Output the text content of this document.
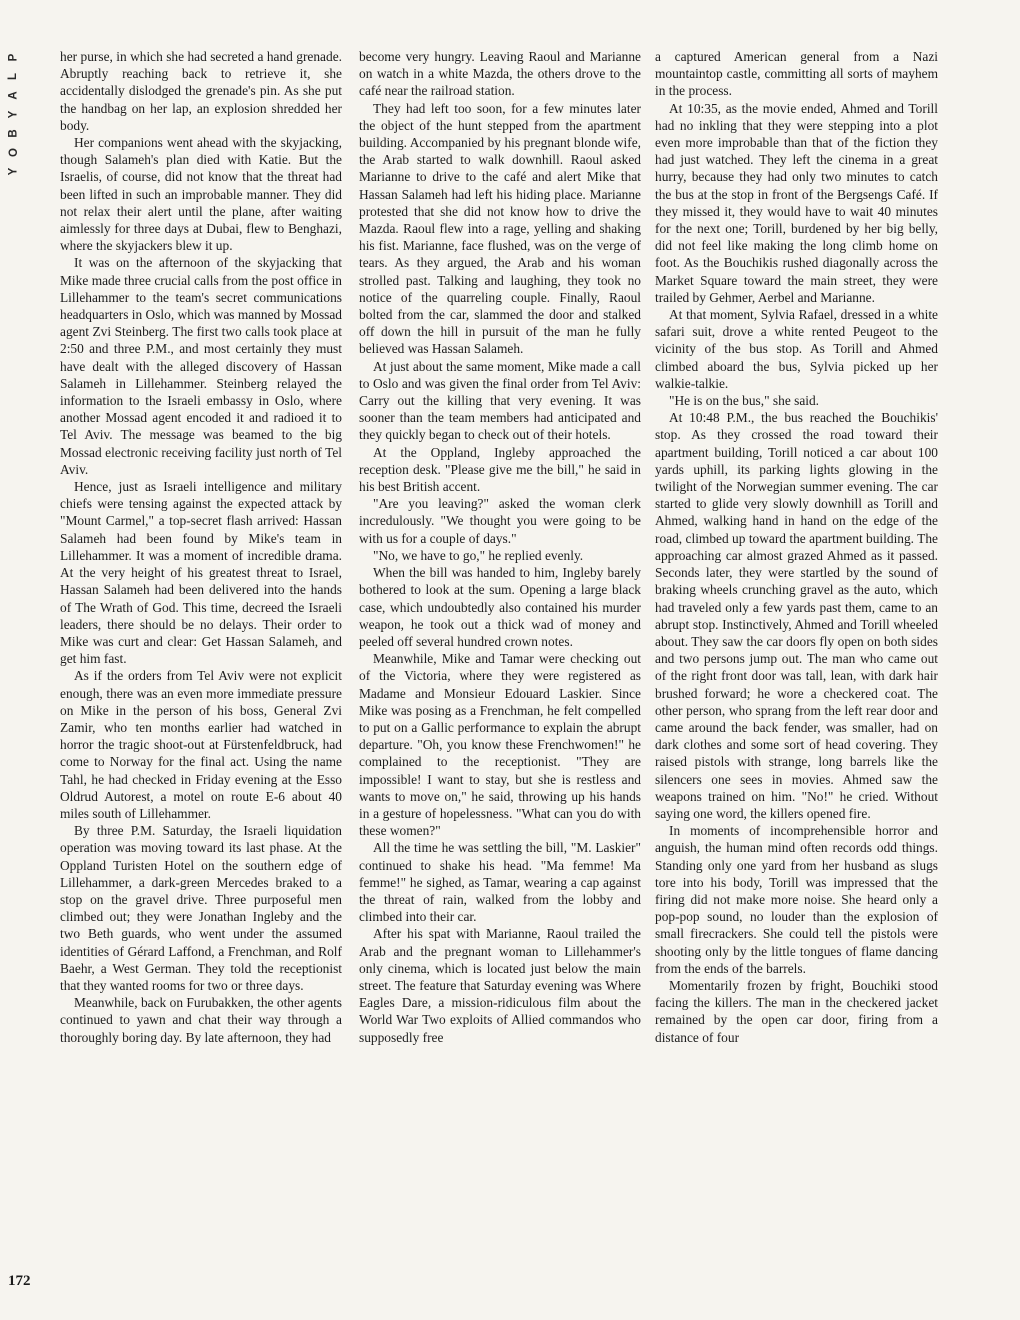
P
L
A
Y
B
O
Y

her purse, in which she had secreted a hand grenade. Abruptly reaching back to retrieve it, she accidentally dislodged the grenade's pin. As she put the handbag on her lap, an explosion shredded her body.

Her companions went ahead with the skyjacking, though Salameh's plan died with Katie. But the Israelis, of course, did not know that the threat had been lifted in such an improbable manner. They did not relax their alert until the plane, after waiting aimlessly for three days at Dubai, flew to Benghazi, where the skyjackers blew it up.

It was on the afternoon of the skyjacking that Mike made three crucial calls from the post office in Lillehammer to the team's secret communications headquarters in Oslo, which was manned by Mossad agent Zvi Steinberg. The first two calls took place at 2:50 and three P.M., and most certainly they must have dealt with the alleged discovery of Hassan Salameh in Lillehammer. Steinberg relayed the information to the Israeli embassy in Oslo, where another Mossad agent encoded it and radioed it to Tel Aviv. The message was beamed to the big Mossad electronic receiving facility just north of Tel Aviv.

Hence, just as Israeli intelligence and military chiefs were tensing against the expected attack by "Mount Carmel," a top-secret flash arrived: Hassan Salameh had been found by Mike's team in Lillehammer. It was a moment of incredible drama. At the very height of his greatest threat to Israel, Hassan Salameh had been delivered into the hands of The Wrath of God. This time, decreed the Israeli leaders, there should be no delays. Their order to Mike was curt and clear: Get Hassan Salameh, and get him fast.

As if the orders from Tel Aviv were not explicit enough, there was an even more immediate pressure on Mike in the person of his boss, General Zvi Zamir, who ten months earlier had watched in horror the tragic shoot-out at Fürstenfeldbruck, had come to Norway for the final act. Using the name Tahl, he had checked in Friday evening at the Esso Oldrud Autorest, a motel on route E-6 about 40 miles south of Lillehammer.

By three P.M. Saturday, the Israeli liquidation operation was moving toward its last phase. At the Oppland Turisten Hotel on the southern edge of Lillehammer, a dark-green Mercedes braked to a stop on the gravel drive. Three purposeful men climbed out; they were Jonathan Ingleby and the two Beth guards, who went under the assumed identities of Gérard Laffond, a Frenchman, and Rolf Baehr, a West German. They told the receptionist that they wanted rooms for two or three days.

Meanwhile, back on Furubakken, the other agents continued to yawn and chat their way through a thoroughly boring day. By late afternoon, they had

become very hungry. Leaving Raoul and Marianne on watch in a white Mazda, the others drove to the café near the railroad station.

They had left too soon, for a few minutes later the object of the hunt stepped from the apartment building. Accompanied by his pregnant blonde wife, the Arab started to walk downhill. Raoul asked Marianne to drive to the café and alert Mike that Hassan Salameh had left his hiding place. Marianne protested that she did not know how to drive the Mazda. Raoul flew into a rage, yelling and shaking his fist. Marianne, face flushed, was on the verge of tears. As they argued, the Arab and his woman strolled past. Talking and laughing, they took no notice of the quarreling couple. Finally, Raoul bolted from the car, slammed the door and stalked off down the hill in pursuit of the man he fully believed was Hassan Salameh.

At just about the same moment, Mike made a call to Oslo and was given the final order from Tel Aviv: Carry out the killing that very evening. It was sooner than the team members had anticipated and they quickly began to check out of their hotels.

At the Oppland, Ingleby approached the reception desk. "Please give me the bill," he said in his best British accent.

"Are you leaving?" asked the woman clerk incredulously. "We thought you were going to be with us for a couple of days."

"No, we have to go," he replied evenly.

When the bill was handed to him, Ingleby barely bothered to look at the sum. Opening a large black case, which undoubtedly also contained his murder weapon, he took out a thick wad of money and peeled off several hundred crown notes.

Meanwhile, Mike and Tamar were checking out of the Victoria, where they were registered as Madame and Monsieur Edouard Laskier. Since Mike was posing as a Frenchman, he felt compelled to put on a Gallic performance to explain the abrupt departure. "Oh, you know these Frenchwomen!" he complained to the receptionist. "They are impossible! I want to stay, but she is restless and wants to move on," he said, throwing up his hands in a gesture of hopelessness. "What can you do with these women?"

All the time he was settling the bill, "M. Laskier" continued to shake his head. "Ma femme! Ma femme!" he sighed, as Tamar, wearing a cap against the threat of rain, walked from the lobby and climbed into their car.

After his spat with Marianne, Raoul trailed the Arab and the pregnant woman to Lillehammer's only cinema, which is located just below the main street. The feature that Saturday evening was Where Eagles Dare, a mission-ridiculous film about the World War Two exploits of Allied commandos who supposedly free

a captured American general from a Nazi mountaintop castle, committing all sorts of mayhem in the process.

At 10:35, as the movie ended, Ahmed and Torill had no inkling that they were stepping into a plot even more improbable than that of the fiction they had just watched. They left the cinema in a great hurry, because they had only two minutes to catch the bus at the stop in front of the Bergsengs Café. If they missed it, they would have to wait 40 minutes for the next one; Torill, burdened by her big belly, did not feel like making the long climb home on foot. As the Bouchikis rushed diagonally across the Market Square toward the main street, they were trailed by Gehmer, Aerbel and Marianne.

At that moment, Sylvia Rafael, dressed in a white safari suit, drove a white rented Peugeot to the vicinity of the bus stop. As Torill and Ahmed climbed aboard the bus, Sylvia picked up her walkie-talkie.

"He is on the bus," she said.

At 10:48 P.M., the bus reached the Bouchikis' stop. As they crossed the road toward their apartment building, Torill noticed a car about 100 yards uphill, its parking lights glowing in the twilight of the Norwegian summer evening. The car started to glide very slowly downhill as Torill and Ahmed, walking hand in hand on the edge of the road, climbed up toward the apartment building. The approaching car almost grazed Ahmed as it passed. Seconds later, they were startled by the sound of braking wheels crunching gravel as the auto, which had traveled only a few yards past them, came to an abrupt stop. Instinctively, Ahmed and Torill wheeled about. They saw the car doors fly open on both sides and two persons jump out. The man who came out of the right front door was tall, lean, with dark hair brushed forward; he wore a checkered coat. The other person, who sprang from the left rear door and came around the back fender, was smaller, had on dark clothes and some sort of head covering. They raised pistols with strange, long barrels like the silencers one sees in movies. Ahmed saw the weapons trained on him. "No!" he cried. Without saying one word, the killers opened fire.

In moments of incomprehensible horror and anguish, the human mind often records odd things. Standing only one yard from her husband as slugs tore into his body, Torill was impressed that the firing did not make more noise. She heard only a pop-pop sound, no louder than the explosion of small firecrackers. She could tell the pistols were shooting only by the little tongues of flame dancing from the ends of the barrels.

Momentarily frozen by fright, Bouchiki stood facing the killers. The man in the checkered jacket remained by the open car door, firing from a distance of four

172
